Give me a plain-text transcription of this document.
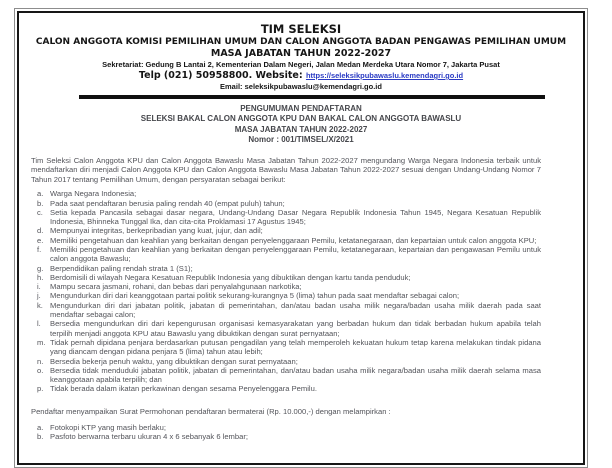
TIM SELEKSI
CALON ANGGOTA KOMISI PEMILIHAN UMUM DAN CALON ANGGOTA BADAN PENGAWAS PEMILIHAN UMUM
MASA JABATAN TAHUN 2022-2027
Sekretariat: Gedung B Lantai 2, Kementerian Dalam Negeri, Jalan Medan Merdeka Utara Nomor 7, Jakarta Pusat
Telp (021) 50958800. Website: https://seleksikpubawaslu.kemendagri.go.id
Email: seleksikpubawaslu@kemendagri.go.id
PENGUMUMAN PENDAFTARAN
SELEKSI BAKAL CALON ANGGOTA KPU DAN BAKAL CALON ANGGOTA BAWASLU
MASA JABATAN TAHUN 2022-2027
Nomor : 001/TIMSEL/X/2021

Tim Seleksi Calon Anggota KPU dan Calon Anggota Bawaslu Masa Jabatan Tahun 2022-2027 mengundang Warga Negara Indonesia terbaik untuk mendaftarkan diri menjadi Calon Anggota KPU dan Calon Anggota Bawaslu Masa Jabatan Tahun 2022-2027 sesuai dengan Undang-Undang Nomor 7 Tahun 2017 tentang Pemilihan Umum, dengan persyaratan sebagai berikut:

a. Warga Negara Indonesia;
b. Pada saat pendaftaran berusia paling rendah 40 (empat puluh) tahun;
c. Setia kepada Pancasila sebagai dasar negara, Undang-Undang Dasar Negara Republik Indonesia Tahun 1945, Negara Kesatuan Republik Indonesia, Bhinneka Tunggal Ika, dan cita-cita Proklamasi 17 Agustus 1945;
d. Mempunyai integritas, berkepribadian yang kuat, jujur, dan adil;
e. Memiliki pengetahuan dan keahlian yang berkaitan dengan penyelenggaraan Pemilu, ketatanegaraan, dan kepartaian untuk calon anggota KPU;
f.	Memiliki pengetahuan dan keahlian yang berkaitan dengan penyelenggaraan Pemilu, ketatanegaraan, kepartaian dan pengawasan Pemilu untuk calon anggota Bawaslu;
g. Berpendidikan paling rendah strata 1 (S1);
h. Berdomisili di wilayah Negara Kesatuan Republik Indonesia yang dibuktikan dengan kartu tanda penduduk;
i.	Mampu secara jasmani, rohani, dan bebas dari penyalahgunaan narkotika;
j.	Mengundurkan diri dari keanggotaan partai politik sekurang-kurangnya 5 (lima) tahun pada saat mendaftar sebagai calon;
k. Mengundurkan diri dari jabatan politik, jabatan di pemerintahan, dan/atau badan usaha milik negara/badan usaha milik daerah pada saat mendaftar sebagai calon;
l.	Bersedia mengundurkan diri dari kepengurusan organisasi kemasyarakatan yang berbadan hukum dan tidak berbadan hukum apabila telah terpilih menjadi anggota KPU atau Bawaslu yang dibuktikan dengan surat pernyataan;
m. Tidak pernah dipidana penjara berdasarkan putusan pengadilan yang telah memperoleh kekuatan hukum tetap karena melakukan tindak pidana yang diancam dengan pidana penjara 5 (lima) tahun atau lebih;
n. Bersedia bekerja penuh waktu, yang dibuktikan dengan surat pernyataan;
o. Bersedia tidak menduduki jabatan politik, jabatan di pemerintahan, dan/atau badan usaha milik negara/badan usaha milik daerah selama masa keanggotaan apabila terpilih; dan
p. Tidak berada dalam ikatan perkawinan dengan sesama Penyelenggara Pemilu.

Pendaftar menyampaikan Surat Permohonan pendaftaran bermaterai (Rp. 10.000,-) dengan melampirkan :

a. Fotokopi KTP yang masih berlaku;
b. Pasfoto berwarna terbaru ukuran 4 x 6 sebanyak 6 lembar;
